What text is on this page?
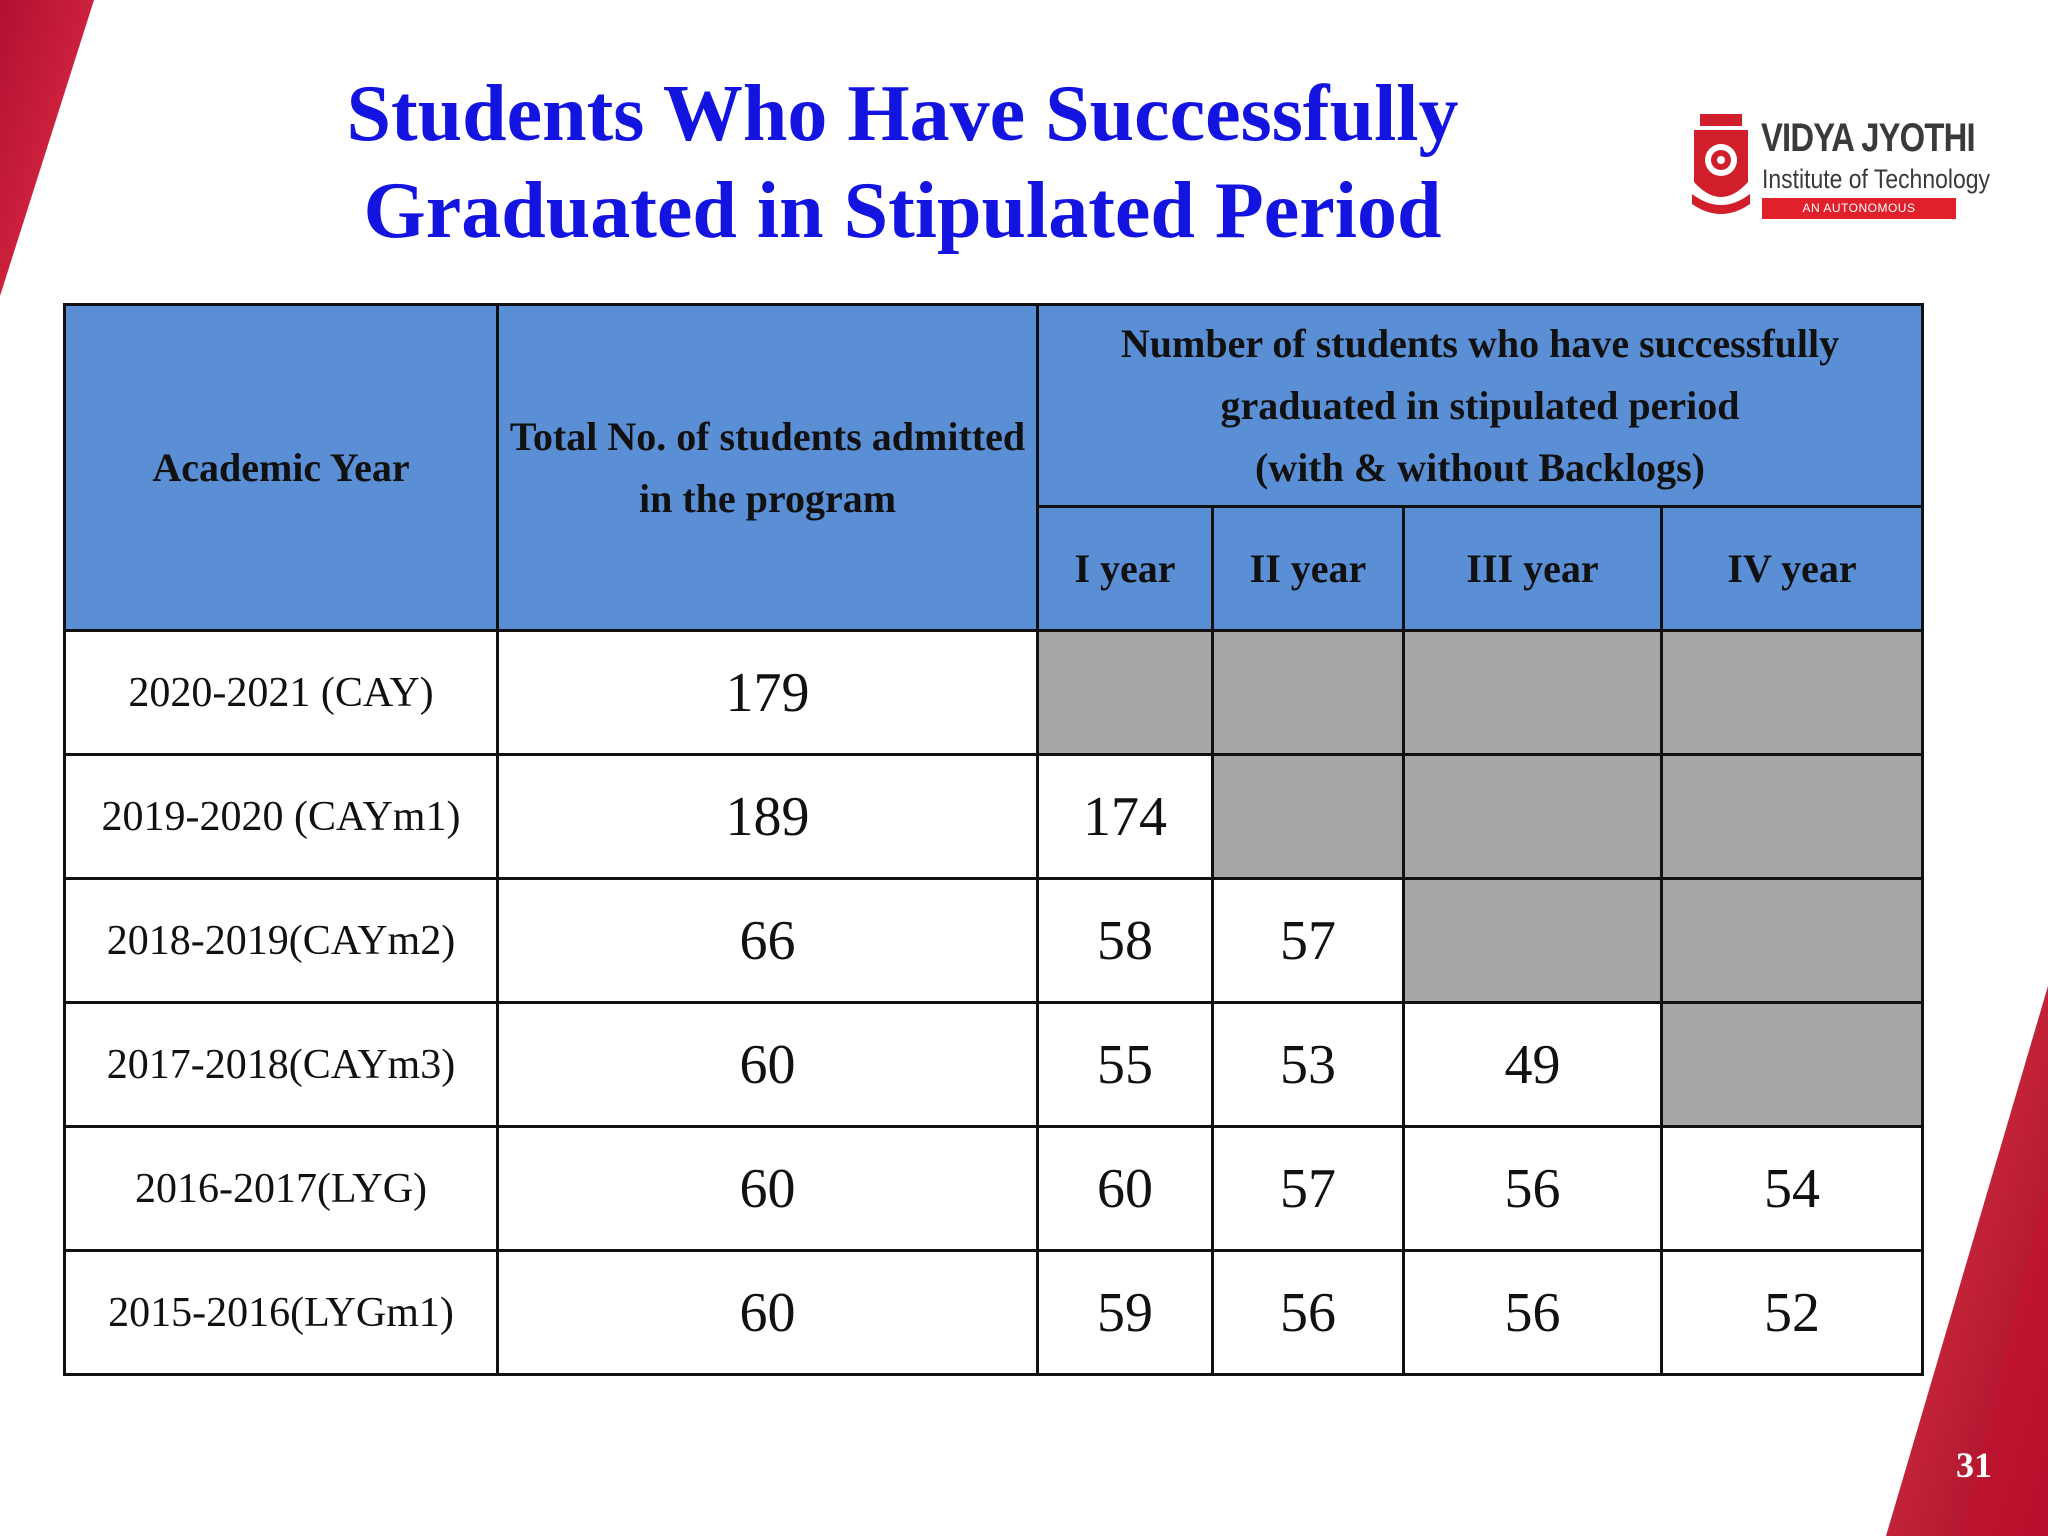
Students Who Have Successfully
Graduated in Stipulated Period
VIDYA JYOTHI
Institute of Technology
AN AUTONOMOUS INSTITUTION
Academic Year	Total No. of students admitted in the program	Number of students who have successfully
graduated in stipulated period
(with & without Backlogs)			

		I year	II year	III year	IV year
2020-2021 (CAY)	179				
2019-2020 (CAYm1)	189	174			
2018-2019(CAYm2)	66	58	57		
2017-2018(CAYm3)	60	55	53	49	
2016-2017(LYG)	60	60	57	56	54
2015-2016(LYGm1)	60	59	56	56	52
31
